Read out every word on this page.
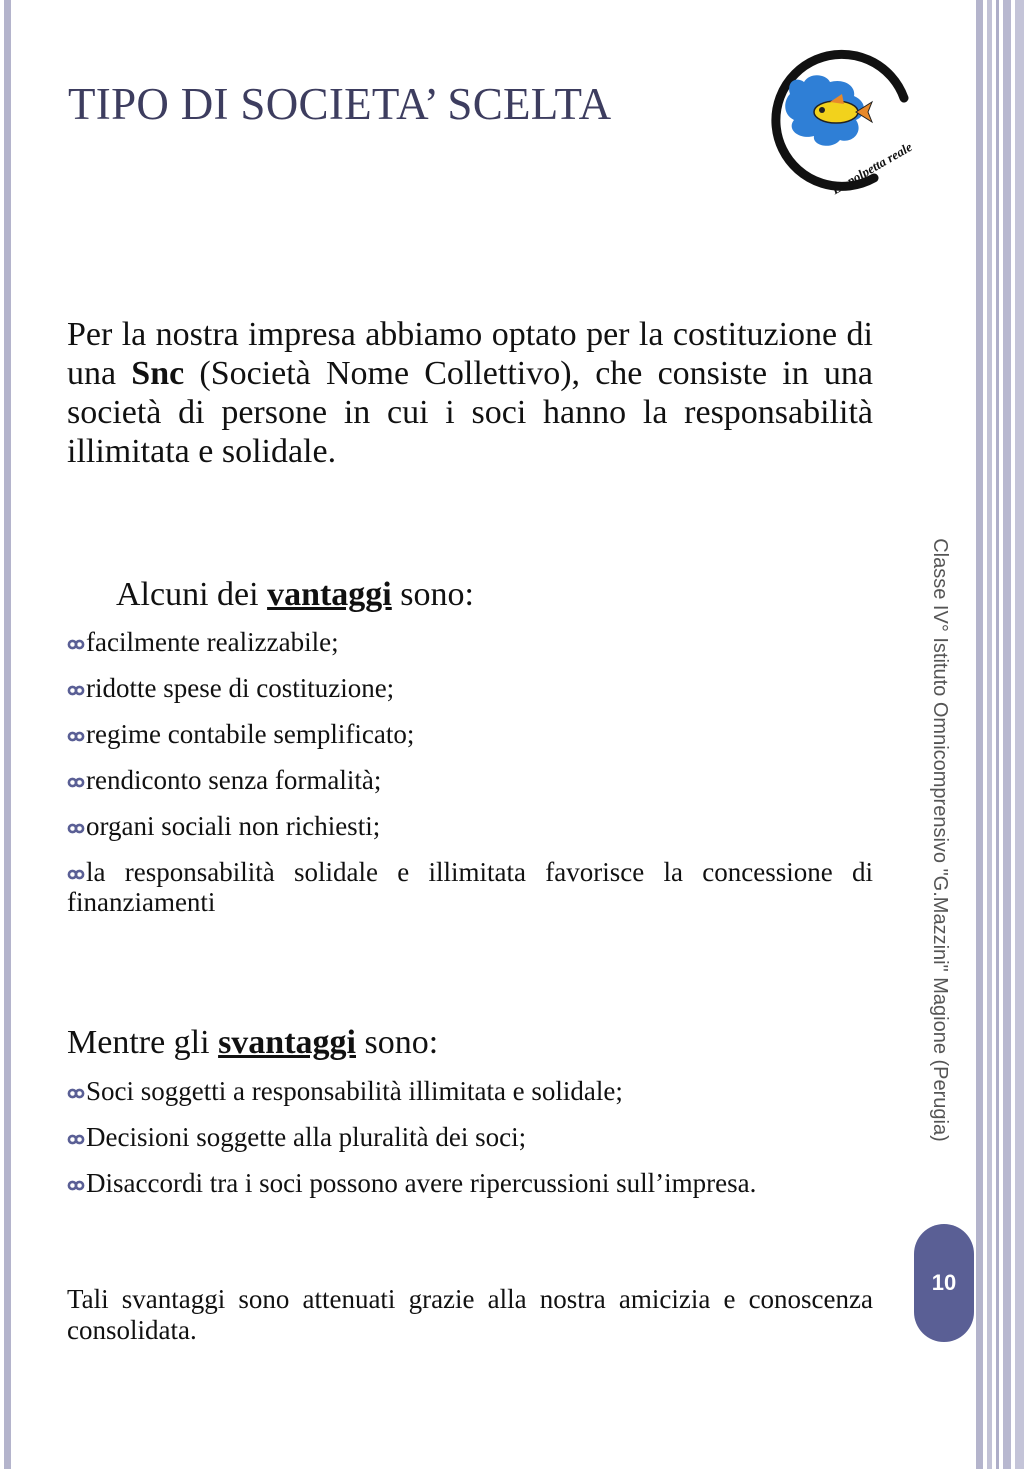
TIPO DI SOCIETA’ SCELTA
La polpetta reale

Per la nostra impresa abbiamo optato per la costituzione di una Snc (Società Nome Collettivo), che consiste in una società di persone in cui i soci hanno la responsabilità illimitata e solidale.

Alcuni dei vantaggi sono:

facilmente realizzabile;
ridotte spese di costituzione;
regime contabile semplificato;
rendiconto senza formalità;
organi sociali non richiesti;
la responsabilità solidale e illimitata favorisce la concessione di finanziamenti

Mentre gli svantaggi sono:

Soci soggetti a responsabilità illimitata e solidale;
Decisioni soggette alla pluralità dei soci;
Disaccordi tra i soci possono avere ripercussioni sull’impresa.

Tali svantaggi sono attenuati grazie alla nostra amicizia e conoscenza consolidata.

Classe IV° Istituto Omnicomprensivo "G.Mazzini" Magione (Perugia)
10
